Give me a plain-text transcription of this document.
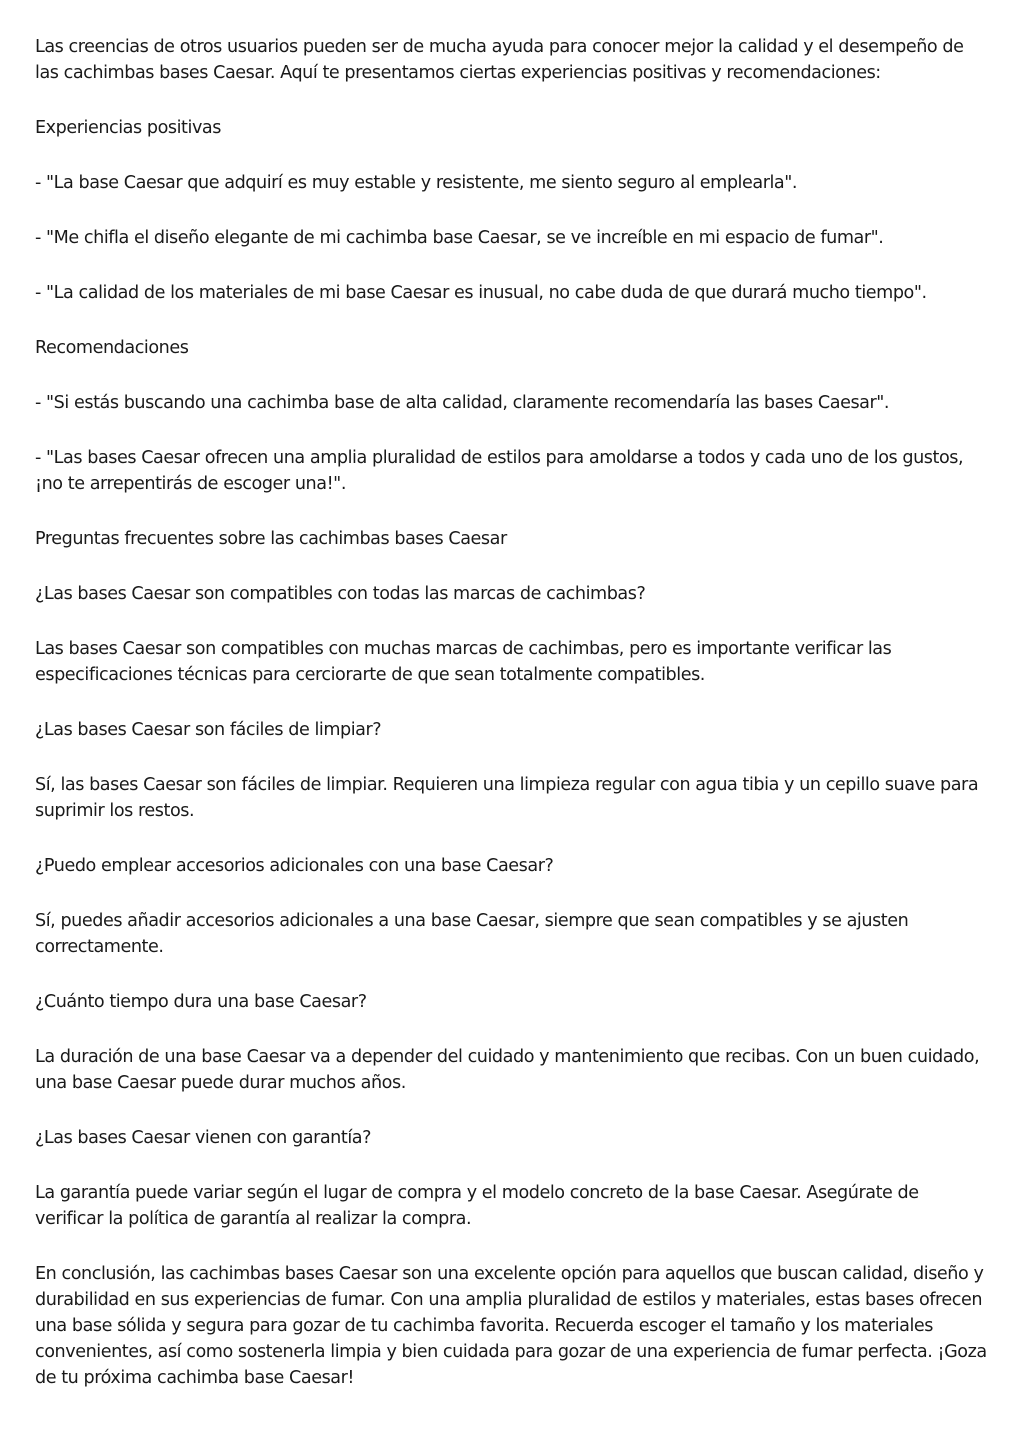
Las creencias de otros usuarios pueden ser de mucha ayuda para conocer mejor la calidad y el desempeño de las cachimbas bases Caesar. Aquí te presentamos ciertas experiencias positivas y recomendaciones:

Experiencias positivas

- "La base Caesar que adquirí es muy estable y resistente, me siento seguro al emplearla".

- "Me chifla el diseño elegante de mi cachimba base Caesar, se ve increíble en mi espacio de fumar".

- "La calidad de los materiales de mi base Caesar es inusual, no cabe duda de que durará mucho tiempo".

Recomendaciones

- "Si estás buscando una cachimba base de alta calidad, claramente recomendaría las bases Caesar".

- "Las bases Caesar ofrecen una amplia pluralidad de estilos para amoldarse a todos y cada uno de los gustos, ¡no te arrepentirás de escoger una!".

Preguntas frecuentes sobre las cachimbas bases Caesar

¿Las bases Caesar son compatibles con todas las marcas de cachimbas?

Las bases Caesar son compatibles con muchas marcas de cachimbas, pero es importante verificar las especificaciones técnicas para cerciorarte de que sean totalmente compatibles.

¿Las bases Caesar son fáciles de limpiar?

Sí, las bases Caesar son fáciles de limpiar. Requieren una limpieza regular con agua tibia y un cepillo suave para suprimir los restos.

¿Puedo emplear accesorios adicionales con una base Caesar?

Sí, puedes añadir accesorios adicionales a una base Caesar, siempre que sean compatibles y se ajusten correctamente.

¿Cuánto tiempo dura una base Caesar?

La duración de una base Caesar va a depender del cuidado y mantenimiento que recibas. Con un buen cuidado, una base Caesar puede durar muchos años.

¿Las bases Caesar vienen con garantía?

La garantía puede variar según el lugar de compra y el modelo concreto de la base Caesar. Asegúrate de verificar la política de garantía al realizar la compra.

En conclusión, las cachimbas bases Caesar son una excelente opción para aquellos que buscan calidad, diseño y durabilidad en sus experiencias de fumar. Con una amplia pluralidad de estilos y materiales, estas bases ofrecen una base sólida y segura para gozar de tu cachimba favorita. Recuerda escoger el tamaño y los materiales convenientes, así como sostenerla limpia y bien cuidada para gozar de una experiencia de fumar perfecta. ¡Goza de tu próxima cachimba base Caesar!
